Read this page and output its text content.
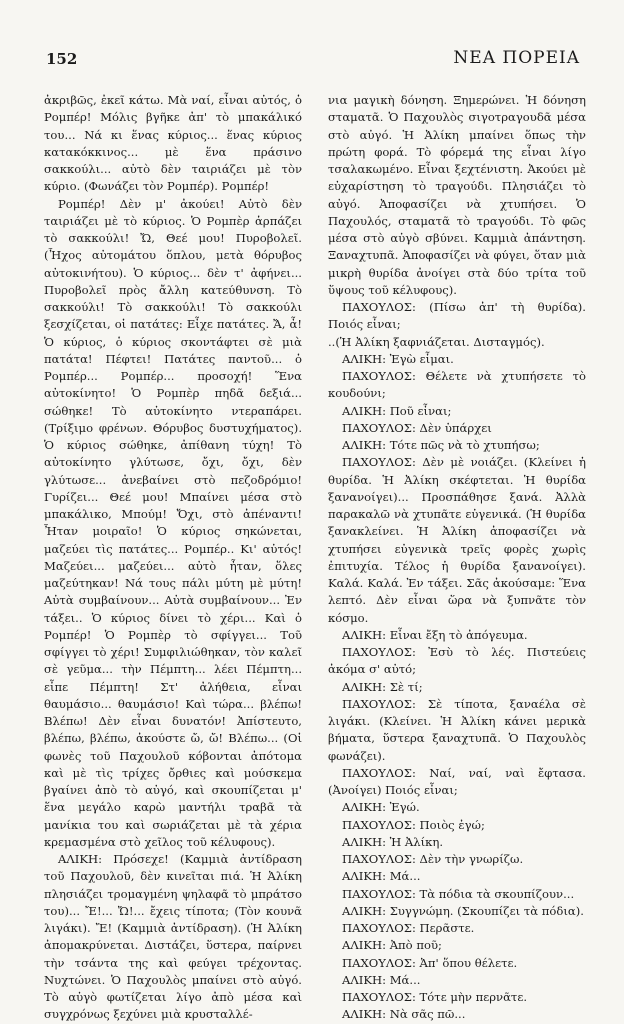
152	ΝΕΑ ΠΟΡΕΙΑ

ἀκριβῶς, ἐκεῖ κάτω. Μὰ ναί, εἶναι αὐτός, ὁ Ρομπέρ! Μόλις βγῆκε ἀπ' τὸ μπακάλικό του... Νά κι ἕνας κύριος... ἕνας κύριος κατακόκκινος... μὲ ἕνα πράσινο σακκούλι... αὐτὸ δὲν ταιριάζει μὲ τὸν κύριο. (Φωνάζει τὸν Ρομπέρ). Ρομπέρ!

Ρομπέρ! Δὲν μ' ἀκούει! Αὐτὸ δὲν ταιριάζει μὲ τὸ κύριος. Ὁ Ρομπὲρ ἁρπάζει τὸ σακκούλι! Ὤ, Θεέ μου! Πυροβολεῖ. (Ἦχος αὐτομάτου ὅπλου, μετὰ θόρυβος αὐτοκινήτου). Ὁ κύριος... δὲν τ' ἀφήνει... Πυροβολεῖ πρὸς ἄλλη κατεύθυνση. Τὸ σακκούλι! Τὸ σακκούλι! Τὸ σακκούλι ξεσχίζεται, οἱ πατάτες: Εἶχε πατάτες. Ἄ, ἆ! Ὁ κύριος, ὁ κύριος σκοντάφτει σὲ μιὰ πατάτα! Πέφτει! Πατάτες παντοῦ... ὁ Ρομπέρ... Ρομπέρ... προσοχή! Ἕνα αὐτοκίνητο! Ὁ Ρομπὲρ πηδᾶ δεξιά... σώθηκε! Τὸ αὐτοκίνητο ντεραπάρει. (Τρίξιμο φρένων. Θόρυβος δυστυχήματος). Ὁ κύριος σώθηκε, ἀπίθανη τύχη! Τὸ αὐτοκίνητο γλύτωσε, ὄχι, ὄχι, δὲν γλύτωσε... ἀνεβαίνει στὸ πεζοδρόμιο! Γυρίζει... Θεέ μου! Μπαίνει μέσα στὸ μπακάλικο, Μπούμ! Ὄχι, στὸ ἀπέναντι! Ἦταν μοιραῖο! Ὁ κύριος σηκώνεται, μαζεύει τὶς πατάτες... Ρομπέρ.. Κι' αὐτός! Μαζεύει... μαζεύει... αὐτὸ ἦταν, ὅλες μαζεύτηκαν! Νά τους πάλι μύτη μὲ μύτη! Αὐτὰ συμβαίνουν... Αὐτὰ συμβαίνουν... Ἐν τάξει.. Ὁ κύριος δίνει τὸ χέρι... Καὶ ὁ Ρομπέρ! Ὁ Ρομπὲρ τὸ σφίγγει... Τοῦ σφίγγει τὸ χέρι! Συμφιλιώθηκαν, τὸν καλεῖ σὲ γεῦμα... τὴν Πέμπτη... λέει Πέμπτη... εἶπε Πέμπτη! Στ' ἀλήθεια, εἶναι θαυμάσιο... θαυμάσιο! Καὶ τώρα... βλέπω! Βλέπω! Δὲν εἶναι δυνατόν! Ἀπίστευτο, βλέπω, βλέπω, ἀκούστε ὤ, ὤ! Βλέπω... (Οἱ φωνὲς τοῦ Παχουλοῦ κόβονται ἀπότομα καὶ μὲ τὶς τρίχες ὄρθιες καὶ μούσκεμα βγαίνει ἀπὸ τὸ αὐγό, καὶ σκουπίζεται μ' ἕνα μεγάλο καρὼ μαντήλι τραβᾶ τὰ μανίκια του καὶ σωριάζεται μὲ τὰ χέρια κρεμασμένα στὸ χεῖλος τοῦ κέλυφους).

ΑΛΙΚΗ: Πρόσεχε! (Καμμιὰ ἀντίδραση τοῦ Παχουλοῦ, δὲν κινεῖται πιά. Ἡ Ἀλίκη πλησιάζει τρομαγμένη ψηλαφᾶ τὸ μπράτσο του)... Ἔ!... Ὤ!... ἔχεις τίποτα; (Τὸν κουνᾶ λιγάκι). Ἔ! (Καμμιὰ ἀντίδραση). (Ἡ Ἀλίκη ἀπομακρύνεται. Διστάζει, ὕστερα, παίρνει τὴν τσάντα της καὶ φεύγει τρέχοντας. Νυχτώνει. Ὁ Παχουλὸς μπαίνει στὸ αὐγό. Τὸ αὐγὸ φωτίζεται λίγο ἀπὸ μέσα καὶ συγχρόνως ξεχύνει μιὰ κρυσταλλέ-

νια μαγικὴ δόνηση. Ξημερώνει. Ἡ δόνηση σταματᾶ. Ὁ Παχουλὸς σιγοτραγουδᾶ μέσα στὸ αὐγό. Ἡ Ἀλίκη μπαίνει ὅπως τὴν πρώτη φορά. Τὸ φόρεμά της εἶναι λίγο τσαλακωμένο. Εἶναι ξεχτένιστη. Ἀκούει μὲ εὐχαρίστηση τὸ τραγούδι. Πλησιάζει τὸ αὐγό. Ἀποφασίζει νὰ χτυπήσει. Ὁ Παχουλός, σταματᾶ τὸ τραγούδι. Τὸ φῶς μέσα στὸ αὐγὸ σβύνει. Καμμιὰ ἀπάντηση. Ξαναχτυπᾶ. Ἀποφασίζει νὰ φύγει, ὅταν μιὰ μικρὴ θυρίδα ἀνοίγει στὰ δύο τρίτα τοῦ ὕψους τοῦ κέλυφους).

ΠΑΧΟΥΛΟΣ: (Πίσω ἀπ' τὴ θυρίδα). Ποιός εἶναι;

..(Ἡ Ἀλίκη ξαφνιάζεται. Δισταγμός).

ΑΛΙΚΗ: Ἐγὼ εἶμαι.

ΠΑΧΟΥΛΟΣ: Θέλετε νὰ χτυπήσετε τὸ κουδούνι;

ΑΛΙΚΗ: Ποῦ εἶναι;

ΠΑΧΟΥΛΟΣ: Δὲν ὑπάρχει

ΑΛΙΚΗ: Τότε πῶς νὰ τὸ χτυπήσω;

ΠΑΧΟΥΛΟΣ: Δὲν μὲ νοιάζει. (Κλείνει ἡ θυρίδα. Ἡ Ἀλίκη σκέφτεται. Ἡ θυρίδα ξανανοίγει)... Προσπάθησε ξανά. Ἀλλὰ παρακαλῶ νὰ χτυπᾶτε εὐγενικά. (Ἡ θυρίδα ξανακλείνει. Ἡ Ἀλίκη ἀποφασίζει νὰ χτυπήσει εὐγενικὰ τρεῖς φορὲς χωρὶς ἐπιτυχία. Τέλος ἡ θυρίδα ξανανοίγει). Καλά. Καλά. Ἐν τάξει. Σᾶς ἀκούσαμε: Ἕνα λεπτό. Δὲν εἶναι ὥρα νὰ ξυπνᾶτε τὸν κόσμο.

ΑΛΙΚΗ: Εἶναι ἔξη τὸ ἀπόγευμα.

ΠΑΧΟΥΛΟΣ: Ἐσὺ τὸ λές. Πιστεύεις ἀκόμα σ' αὐτό;

ΑΛΙΚΗ: Σὲ τί;

ΠΑΧΟΥΛΟΣ: Σὲ τίποτα, ξαναέλα σὲ λιγάκι. (Κλείνει. Ἡ Ἀλίκη κάνει μερικὰ βήματα, ὕστερα ξαναχτυπᾶ. Ὁ Παχουλὸς φωνάζει).

ΠΑΧΟΥΛΟΣ: Ναί, ναί, ναὶ ἔφτασα. (Ἀνοίγει) Ποιός εἶναι;

ΑΛΙΚΗ: Ἐγώ.

ΠΑΧΟΥΛΟΣ: Ποιὸς ἐγώ;

ΑΛΙΚΗ: Ἡ Ἀλίκη.

ΠΑΧΟΥΛΟΣ: Δὲν τὴν γνωρίζω.

ΑΛΙΚΗ: Μά...

ΠΑΧΟΥΛΟΣ: Τὰ πόδια τὰ σκουπίζουν...

ΑΛΙΚΗ: Συγγνώμη. (Σκουπίζει τὰ πόδια).

ΠΑΧΟΥΛΟΣ: Περᾶστε.

ΑΛΙΚΗ: Ἀπὸ ποῦ;

ΠΑΧΟΥΛΟΣ: Ἀπ' ὅπου θέλετε.

ΑΛΙΚΗ: Μά...

ΠΑΧΟΥΛΟΣ: Τότε μὴν περνᾶτε.

ΑΛΙΚΗ: Νὰ σᾶς πῶ...
